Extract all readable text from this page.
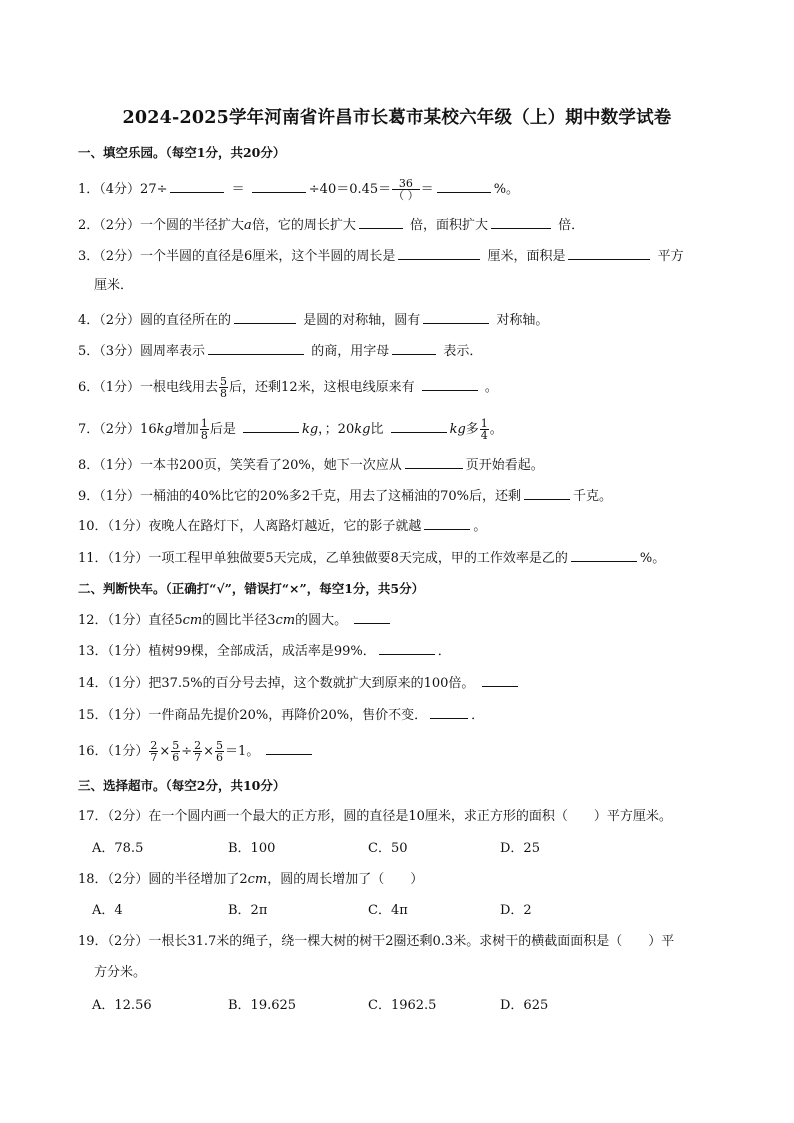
2024-2025学年河南省许昌市长葛市某校六年级（上）期中数学试卷
一、填空乐园。（每空1分，共20分）
1．（4分）27÷	＝	$\div 40=0.45= \frac{36}{( )}$ ＝	%。
2．（2分）一个圆的半径扩大a倍，它的周长扩大	倍，面积扩大	倍．
3．（2分）一个半圆的直径是6厘米，这个半圆的周长是	厘米，面积是	平方
厘米．
4．（2分）圆的直径所在的	是圆的对称轴，圆有	对称轴。
5．（3分）圆周率表示	的商，用字母	表示．
6．（1分）一根电线用去 $\frac{5}{8}$ 后，还剩12米，这根电线原来有	。
7．（2分）16kg增加 $\frac{1}{8}$ 后是	kg，；20kg比	kg多 $\frac{1}{4}$ 。
8．（1分）一本书200页，笑笑看了20%，她下一次应从	页开始看起。
9．（1分）一桶油的40%比它的20%多2千克，用去了这桶油的70%后，还剩	千克。
10．（1分）夜晚人在路灯下，人离路灯越近，它的影子就越	。
11．（1分）一项工程甲单独做要5天完成，乙单独做要8天完成，甲的工作效率是乙的	%。
二、判断快车。（正确打“√”，错误打“×”，每空1分，共5分）
12．（1分）直径5cm的圆比半径3cm的圆大。
13．（1分）植树99棵，全部成活，成活率是99%．	．
14．（1分）把37.5%的百分号去掉，这个数就扩大到原来的100倍。
15．（1分）一件商品先提价20%，再降价20%，售价不变．	．
16．（1分） $\frac{2}{7} \times \frac{5}{6} \div \frac{2}{7} \times \frac{5}{6} =1$。
三、选择超市。（每空2分，共10分）
17．（2分）在一个圆内画一个最大的正方形，圆的直径是10厘米，求正方形的面积（　　）平方厘米。
A．78.5	B．100	C．50	D．25
18．（2分）圆的半径增加了2cm，圆的周长增加了（　　）
A．4	B．2π	C．4π	D．2
19．（2分）一根长31.7米的绳子，绕一棵大树的树干2圈还剩0.3米。求树干的横截面面积是（　　）平
方分米。
A．12.56	B．19.625	C．1962.5	D．625
